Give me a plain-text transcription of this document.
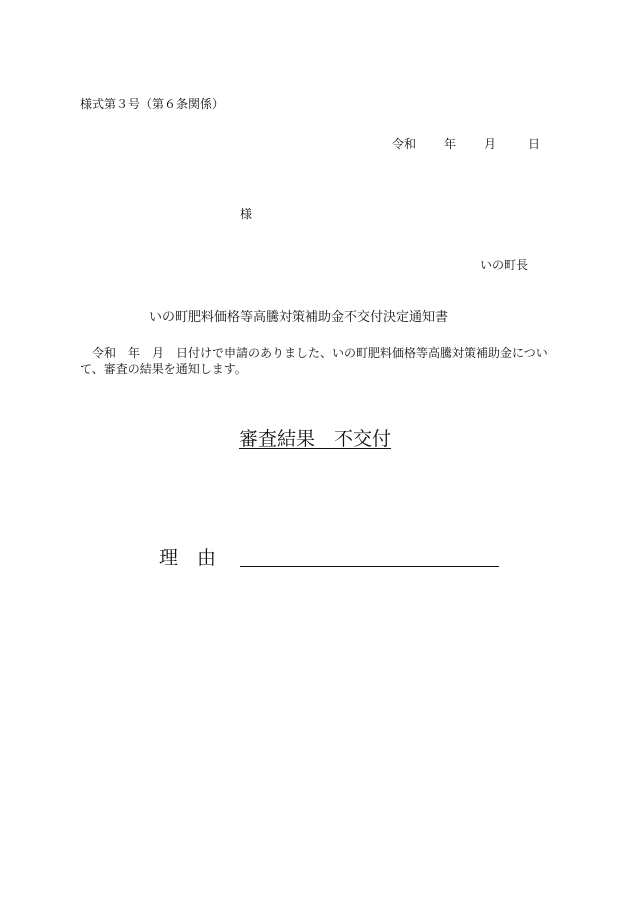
様式第３号（第６条関係）
令和 年 月	日
様
いの町長
いの町肥料価格等高騰対策補助金不交付決定通知書
　令和　年　月　日付けで申請のありました、いの町肥料価格等高騰対策補助金について、審査の結果を通知します。
審査結果　不交付
理　由
